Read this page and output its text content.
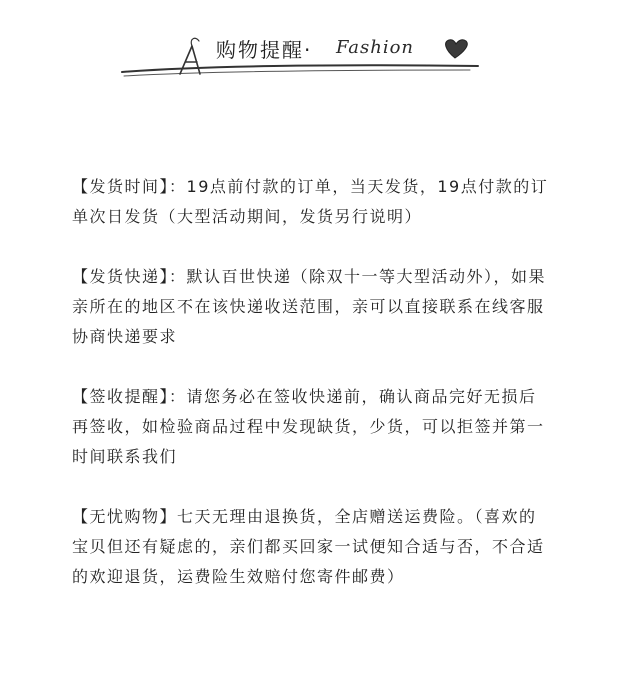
购物提醒· Fashion

【发货时间】：19点前付款的订单，当天发货，19点付款的订单次日发货（大型活动期间，发货另行说明）

【发货快递】：默认百世快递（除双十一等大型活动外），如果亲所在的地区不在该快递收送范围，亲可以直接联系在线客服协商快递要求

【签收提醒】：请您务必在签收快递前，确认商品完好无损后再签收，如检验商品过程中发现缺货，少货，可以拒签并第一时间联系我们

【无忧购物】七天无理由退换货，全店赠送运费险。（喜欢的宝贝但还有疑虑的，亲们都买回家一试便知合适与否，不合适的欢迎退货，运费险生效赔付您寄件邮费）
